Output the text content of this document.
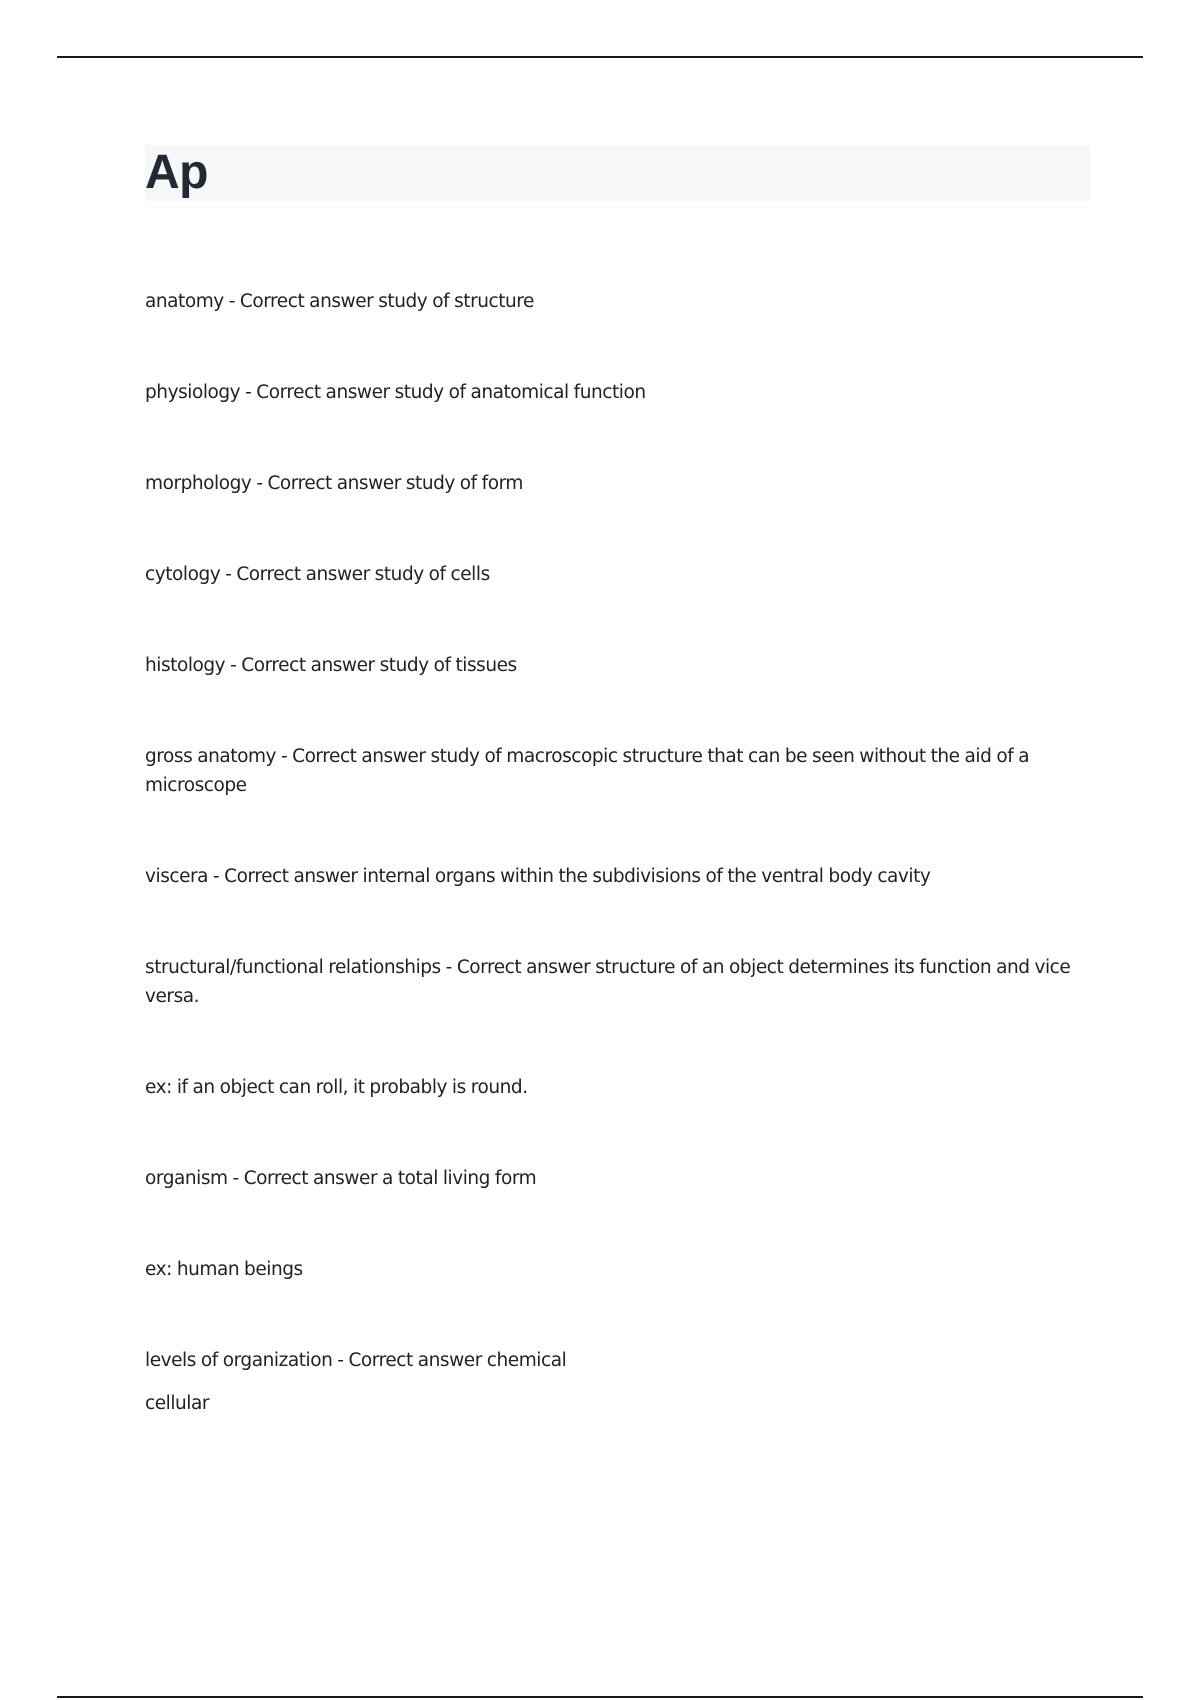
Ap

anatomy - Correct answer study of structure

physiology - Correct answer study of anatomical function

morphology - Correct answer study of form

cytology - Correct answer study of cells

histology - Correct answer study of tissues

gross anatomy - Correct answer study of macroscopic structure that can be seen without the aid of a microscope

viscera - Correct answer internal organs within the subdivisions of the ventral body cavity

structural/functional relationships - Correct answer structure of an object determines its function and vice versa.

ex: if an object can roll, it probably is round.

organism - Correct answer a total living form

ex: human beings

levels of organization - Correct answer chemical

cellular
